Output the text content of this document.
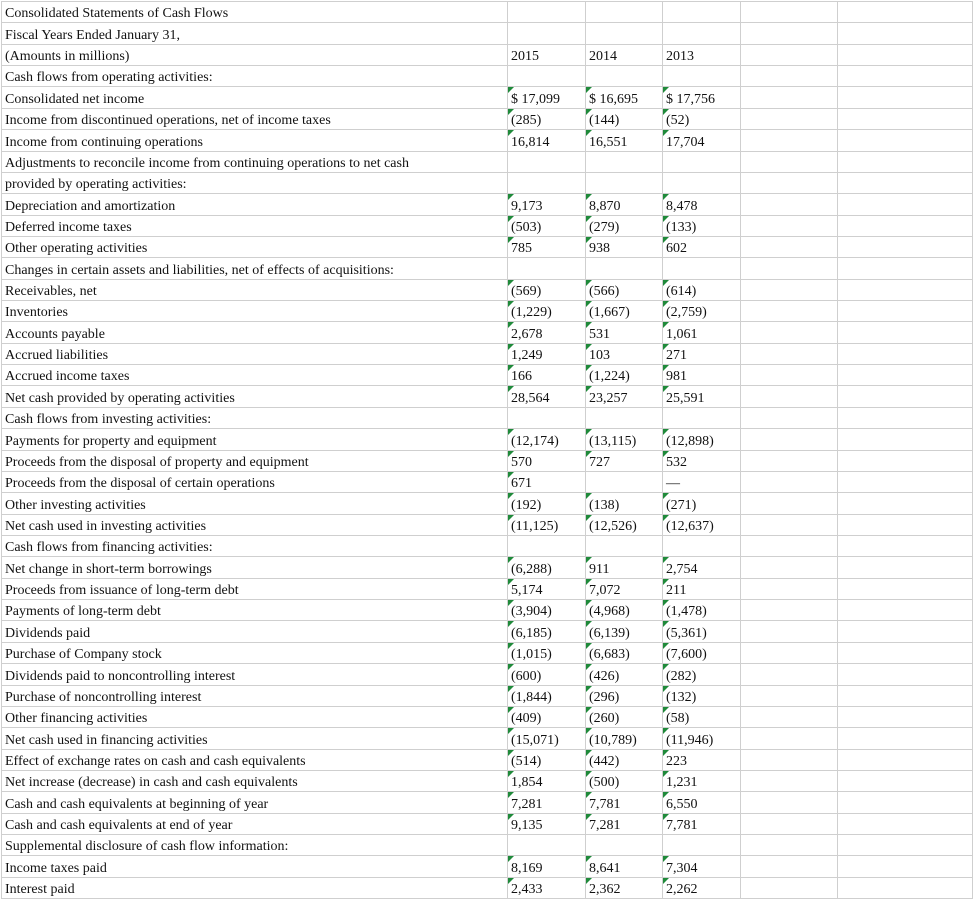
Consolidated Statements of Cash Flows					
Fiscal Years Ended January 31,					
(Amounts in millions)	2015	2014	2013		
Cash flows from operating activities:					
Consolidated net income	$ 17,099	$ 16,695	$ 17,756		
Income from discontinued operations, net of income taxes	(285)	(144)	(52)		
Income from continuing operations	16,814	16,551	17,704		
Adjustments to reconcile income from continuing operations to net cash					
provided by operating activities:					
Depreciation and amortization	9,173	8,870	8,478		
Deferred income taxes	(503)	(279)	(133)		
Other operating activities	785	938	602		
Changes in certain assets and liabilities, net of effects of acquisitions:					
Receivables, net	(569)	(566)	(614)		
Inventories	(1,229)	(1,667)	(2,759)		
Accounts payable	2,678	531	1,061		
Accrued liabilities	1,249	103	271		
Accrued income taxes	166	(1,224)	981		
Net cash provided by operating activities	28,564	23,257	25,591		
Cash flows from investing activities:					
Payments for property and equipment	(12,174)	(13,115)	(12,898)		
Proceeds from the disposal of property and equipment	570	727	532		
Proceeds from the disposal of certain operations	671		—		
Other investing activities	(192)	(138)	(271)		
Net cash used in investing activities	(11,125)	(12,526)	(12,637)		
Cash flows from financing activities:					
Net change in short-term borrowings	(6,288)	911	2,754		
Proceeds from issuance of long-term debt	5,174	7,072	211		
Payments of long-term debt	(3,904)	(4,968)	(1,478)		
Dividends paid	(6,185)	(6,139)	(5,361)		
Purchase of Company stock	(1,015)	(6,683)	(7,600)		
Dividends paid to noncontrolling interest	(600)	(426)	(282)		
Purchase of noncontrolling interest	(1,844)	(296)	(132)		
Other financing activities	(409)	(260)	(58)		
Net cash used in financing activities	(15,071)	(10,789)	(11,946)		
Effect of exchange rates on cash and cash equivalents	(514)	(442)	223		
Net increase (decrease) in cash and cash equivalents	1,854	(500)	1,231		
Cash and cash equivalents at beginning of year	7,281	7,781	6,550		
Cash and cash equivalents at end of year	9,135	7,281	7,781		
Supplemental disclosure of cash flow information:					
Income taxes paid	8,169	8,641	7,304		
Interest paid	2,433	2,362	2,262		
